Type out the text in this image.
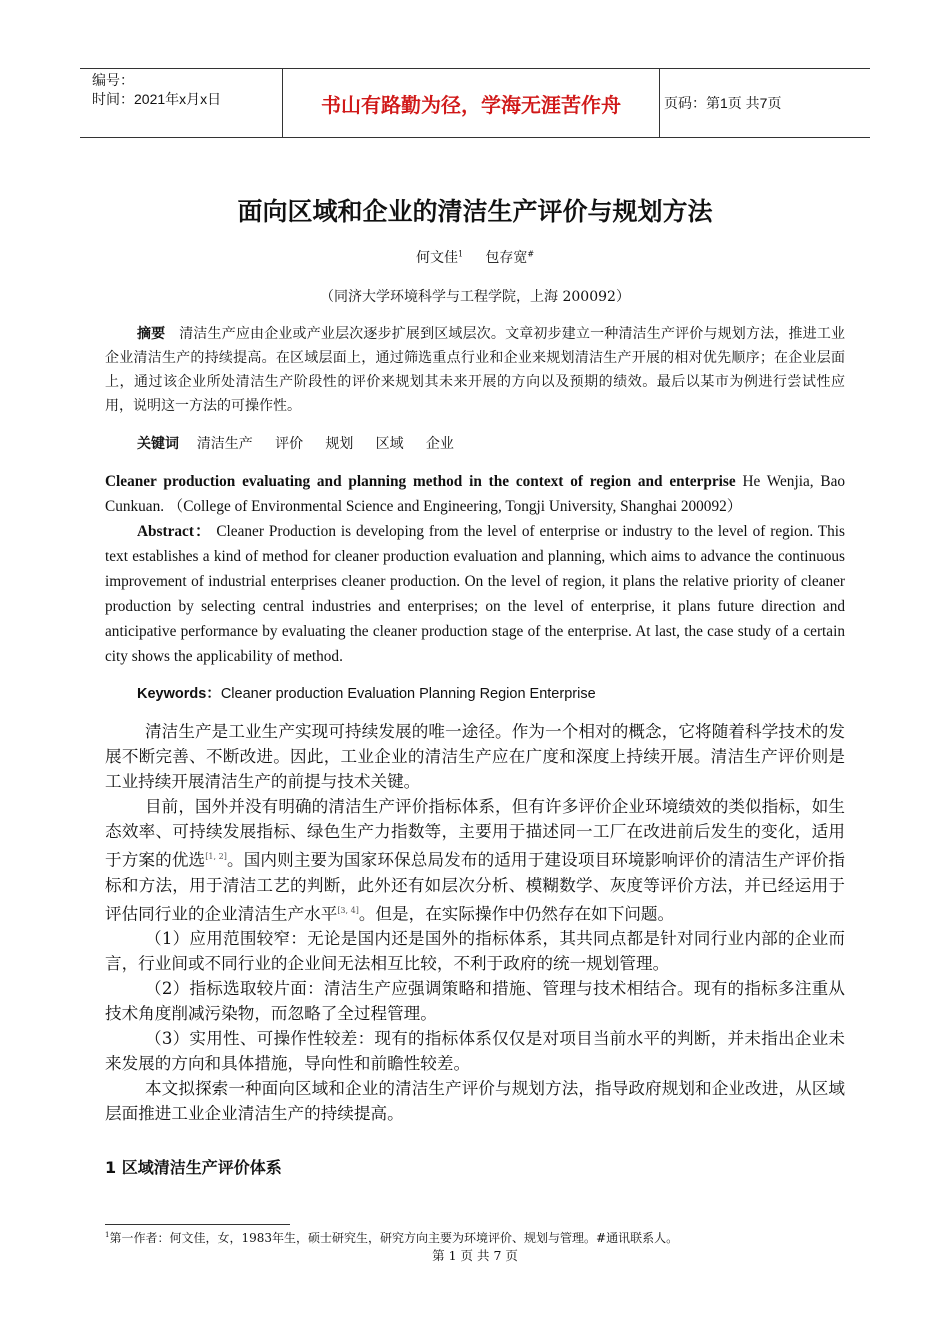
编号：
时间：2021年x月x日	书山有路勤为径，学海无涯苦作舟	页码：第1页 共7页
面向区域和企业的清洁生产评价与规划方法
何文佳$^1$ 包存宽#
（同济大学环境科学与工程学院，上海 200092）
摘要 清洁生产应由企业或产业层次逐步扩展到区域层次。文章初步建立一种清洁生产评价与规划方法，推进工业企业清洁生产的持续提高。在区域层面上，通过筛选重点行业和企业来规划清洁生产开展的相对优先顺序；在企业层面上，通过该企业所处清洁生产阶段性的评价来规划其未来开展的方向以及预期的绩效。最后以某市为例进行尝试性应用，说明这一方法的可操作性。
关键词 清洁生产 评价 规划 区域 企业
Cleaner production evaluating and planning method in the context of region and enterprise He Wenjia, Bao Cunkuan. （College of Environmental Science and Engineering, Tongji University, Shanghai 200092）
Abstract： Cleaner Production is developing from the level of enterprise or industry to the level of region. This text establishes a kind of method for cleaner production evaluation and planning, which aims to advance the continuous improvement of industrial enterprises cleaner production. On the level of region, it plans the relative priority of cleaner production by selecting central industries and enterprises; on the level of enterprise, it plans future direction and anticipative performance by evaluating the cleaner production stage of the enterprise. At last, the case study of a certain city shows the applicability of method.
Keywords：Cleaner production Evaluation Planning Region Enterprise

清洁生产是工业生产实现可持续发展的唯一途径。作为一个相对的概念，它将随着科学技术的发展不断完善、不断改进。因此，工业企业的清洁生产应在广度和深度上持续开展。清洁生产评价则是工业持续开展清洁生产的前提与技术关键。

目前，国外并没有明确的清洁生产评价指标体系，但有许多评价企业环境绩效的类似指标，如生态效率、可持续发展指标、绿色生产力指数等，主要用于描述同一工厂在改进前后发生的变化，适用于方案的优选[1, 2]。国内则主要为国家环保总局发布的适用于建设项目环境影响评价的清洁生产评价指标和方法，用于清洁工艺的判断，此外还有如层次分析、模糊数学、灰度等评价方法，并已经运用于评估同行业的企业清洁生产水平[3, 4]。但是，在实际操作中仍然存在如下问题。

（1）应用范围较窄：无论是国内还是国外的指标体系，其共同点都是针对同行业内部的企业而言，行业间或不同行业的企业间无法相互比较，不利于政府的统一规划管理。

（2）指标选取较片面：清洁生产应强调策略和措施、管理与技术相结合。现有的指标多注重从技术角度削减污染物，而忽略了全过程管理。

（3）实用性、可操作性较差：现有的指标体系仅仅是对项目当前水平的判断，并未指出企业未来发展的方向和具体措施，导向性和前瞻性较差。

本文拟探索一种面向区域和企业的清洁生产评价与规划方法，指导政府规划和企业改进，从区域层面推进工业企业清洁生产的持续提高。

1 区域清洁生产评价体系
$^1$第一作者：何文佳，女，1983年生，硕士研究生，研究方向主要为环境评价、规划与管理。#通讯联系人。
第 1 页 共 7 页
